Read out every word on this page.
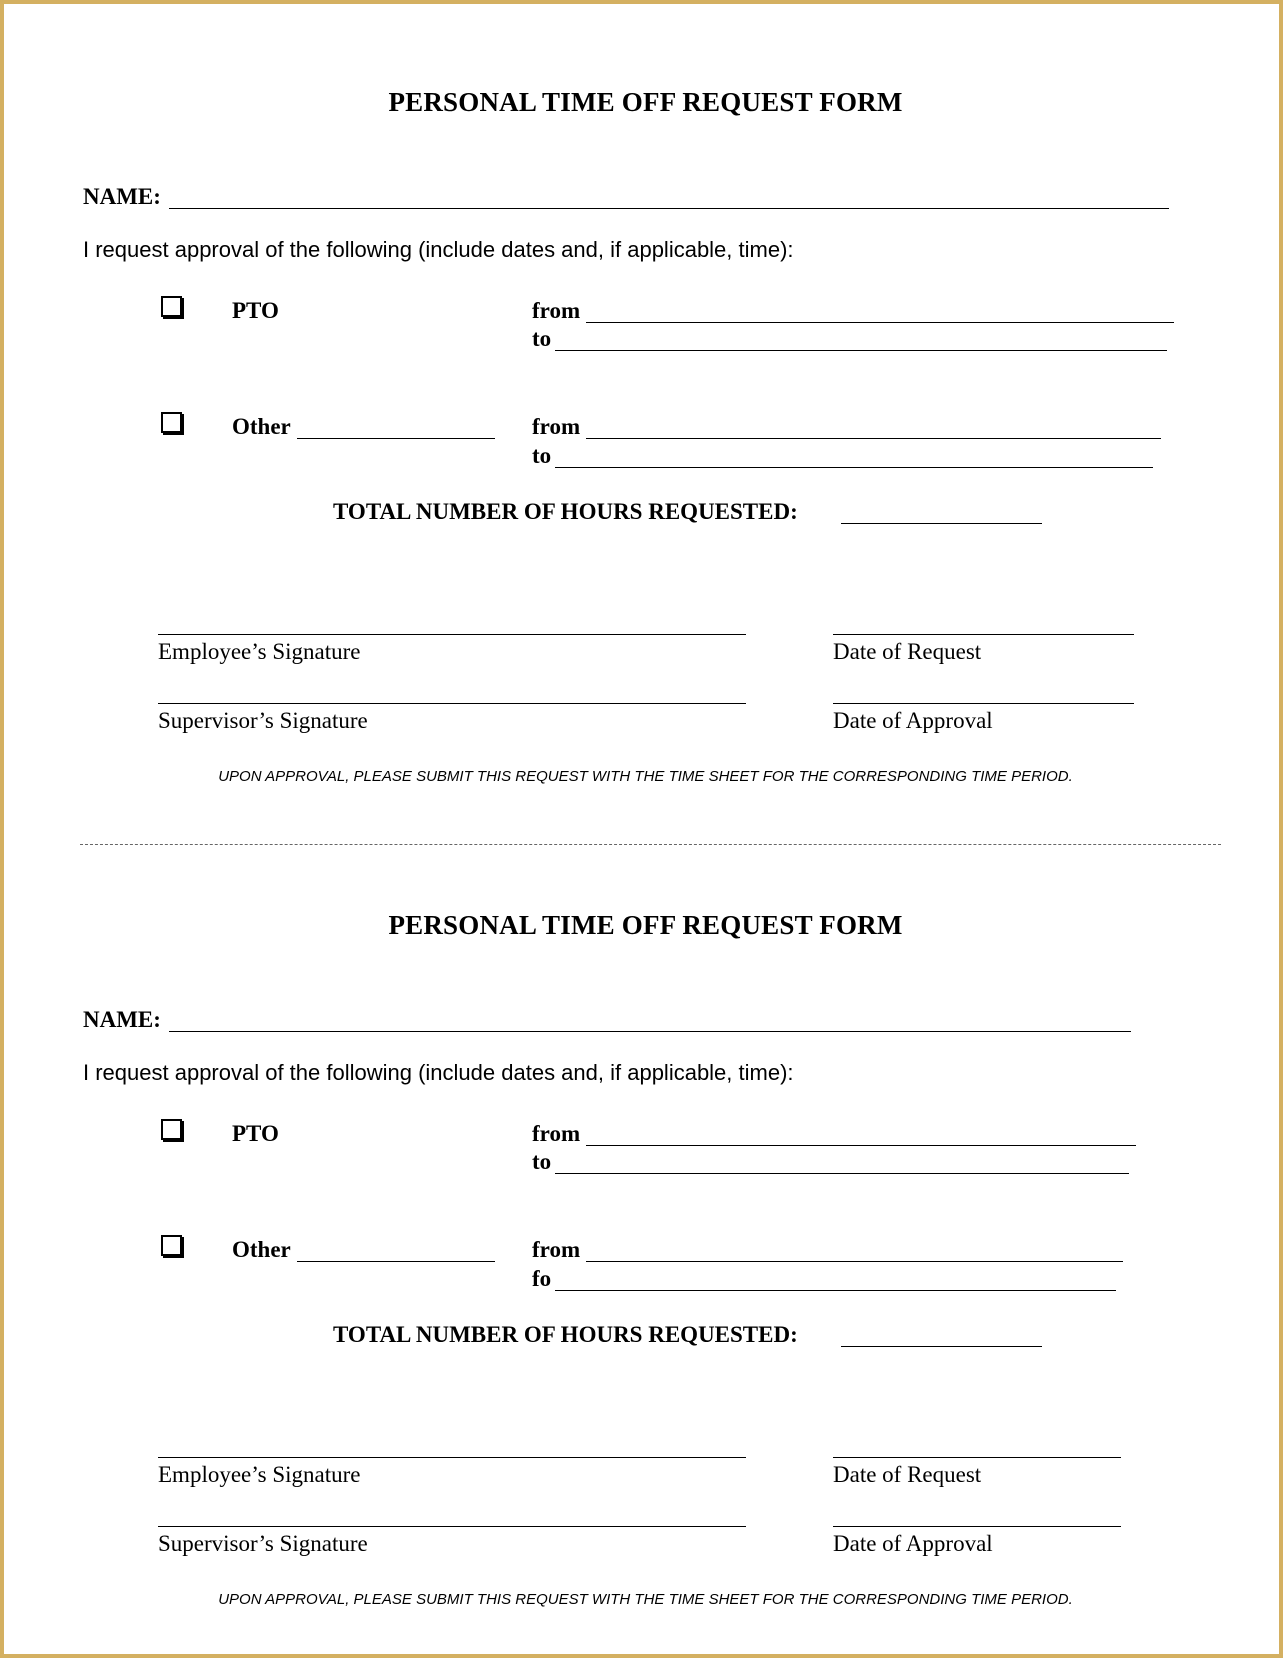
PERSONAL TIME OFF REQUEST FORM
NAME:
I request approval of the following (include dates and, if applicable, time):
PTO	from
to
Other	from
to
TOTAL NUMBER OF HOURS REQUESTED:
Employee’s Signature	Date of Request
Supervisor’s Signature	Date of Approval
UPON APPROVAL, PLEASE SUBMIT THIS REQUEST WITH THE TIME SHEET FOR THE CORRESPONDING TIME PERIOD.
PERSONAL TIME OFF REQUEST FORM
NAME:
I request approval of the following (include dates and, if applicable, time):
PTO	from
to
Other	from
fo
TOTAL NUMBER OF HOURS REQUESTED:
Employee’s Signature	Date of Request
Supervisor’s Signature	Date of Approval
UPON APPROVAL, PLEASE SUBMIT THIS REQUEST WITH THE TIME SHEET FOR THE CORRESPONDING TIME PERIOD.
